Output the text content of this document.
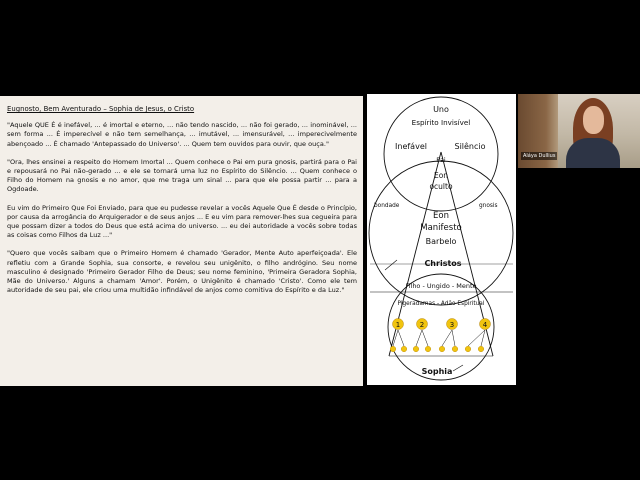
Eugnosto, Bem Aventurado – Sophia de Jesus, o Cristo

"Aquele QUE É é inefável, ... é imortal e eterno, ... não tendo nascido, ... não foi gerado, ... inominável, ... sem forma ... É imperecível e não tem semelhança, ... imutável, ... imensurável, ... imperecivelmente abençoado ... É chamado 'Antepassado do Universo'. ... Quem tem ouvidos para ouvir, que ouça."

"Ora, lhes ensinei a respeito do Homem Imortal ... Quem conhece o Pai em pura gnosis, partirá para o Pai e repousará no Pai não-gerado ... e ele se tornará uma luz no Espírito do Silêncio. ... Quem conhece o Filho do Homem na gnosis e no amor, que me traga um sinal ... para que ele possa partir ... para a Ogdoade.

Eu vim do Primeiro Que Foi Enviado, para que eu pudesse revelar a vocês Aquele Que É desde o Princípio, por causa da arrogância do Arquigerador e de seus anjos ... E eu vim para remover-lhes sua cegueira para que possam dizer a todos do Deus que está acima do universo. ... eu dei autoridade a vocês sobre todas as coisas como Filhos da Luz ..."

"Quero que vocês saibam que o Primeiro Homem é chamado 'Gerador, Mente Auto aperfeiçoada'. Ele refletiu com a Grande Sophia, sua consorte, e revelou seu unigênito, o filho andrógino. Seu nome masculino é designado 'Primeiro Gerador Filho de Deus; seu nome feminino, 'Primeira Geradora Sophia, Mãe do Universo.' Alguns a chamam 'Amor'. Porém, o Unigênito é chamado 'Cristo'. Como ele tem autoridade de seu pai, ele criou uma multidão infindável de anjos como comitiva do Espírito e da Luz."

Uno
Espírito Invisível
Inefável	Silêncio
Pai
Eon
oculto
bondade	gnosis
Eon
Manifesto
Barbelo
Christos
Filho - Ungido - Mente
Pigeradamas - Adão Espiritual
1	2	3	4
Sophia
Aláya Dullius
